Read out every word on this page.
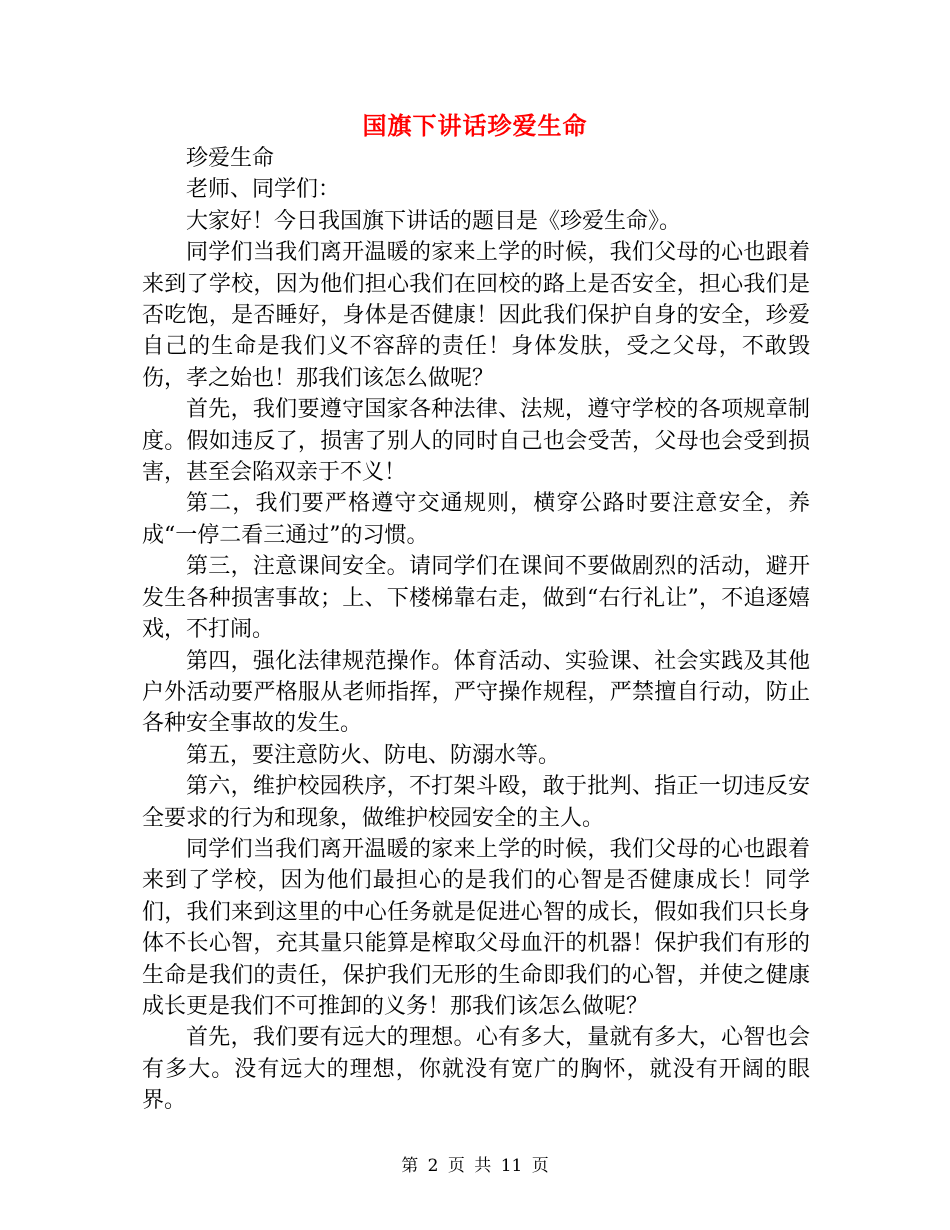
国旗下讲话珍爱生命

珍爱生命

老师、同学们：

大家好！今日我国旗下讲话的题目是《珍爱生命》。

同学们当我们离开温暖的家来上学的时候，我们父母的心也跟着来到了学校，因为他们担心我们在回校的路上是否安全，担心我们是否吃饱，是否睡好，身体是否健康！因此我们保护自身的安全，珍爱自己的生命是我们义不容辞的责任！身体发肤，受之父母，不敢毁伤，孝之始也！那我们该怎么做呢？

首先，我们要遵守国家各种法律、法规，遵守学校的各项规章制度。假如违反了，损害了别人的同时自己也会受苦，父母也会受到损害，甚至会陷双亲于不义！

第二，我们要严格遵守交通规则，横穿公路时要注意安全，养成“一停二看三通过”的习惯。

第三，注意课间安全。请同学们在课间不要做剧烈的活动，避开发生各种损害事故；上、下楼梯靠右走，做到“右行礼让”，不追逐嬉戏，不打闹。

第四，强化法律规范操作。体育活动、实验课、社会实践及其他户外活动要严格服从老师指挥，严守操作规程，严禁擅自行动，防止各种安全事故的发生。

第五，要注意防火、防电、防溺水等。

第六，维护校园秩序，不打架斗殴，敢于批判、指正一切违反安全要求的行为和现象，做维护校园安全的主人。

同学们当我们离开温暖的家来上学的时候，我们父母的心也跟着来到了学校，因为他们最担心的是我们的心智是否健康成长！同学们，我们来到这里的中心任务就是促进心智的成长，假如我们只长身体不长心智，充其量只能算是榨取父母血汗的机器！保护我们有形的生命是我们的责任，保护我们无形的生命即我们的心智，并使之健康成长更是我们不可推卸的义务！那我们该怎么做呢？

首先，我们要有远大的理想。心有多大，量就有多大，心智也会有多大。没有远大的理想，你就没有宽广的胸怀，就没有开阔的眼界。

第 2 页 共 11 页
